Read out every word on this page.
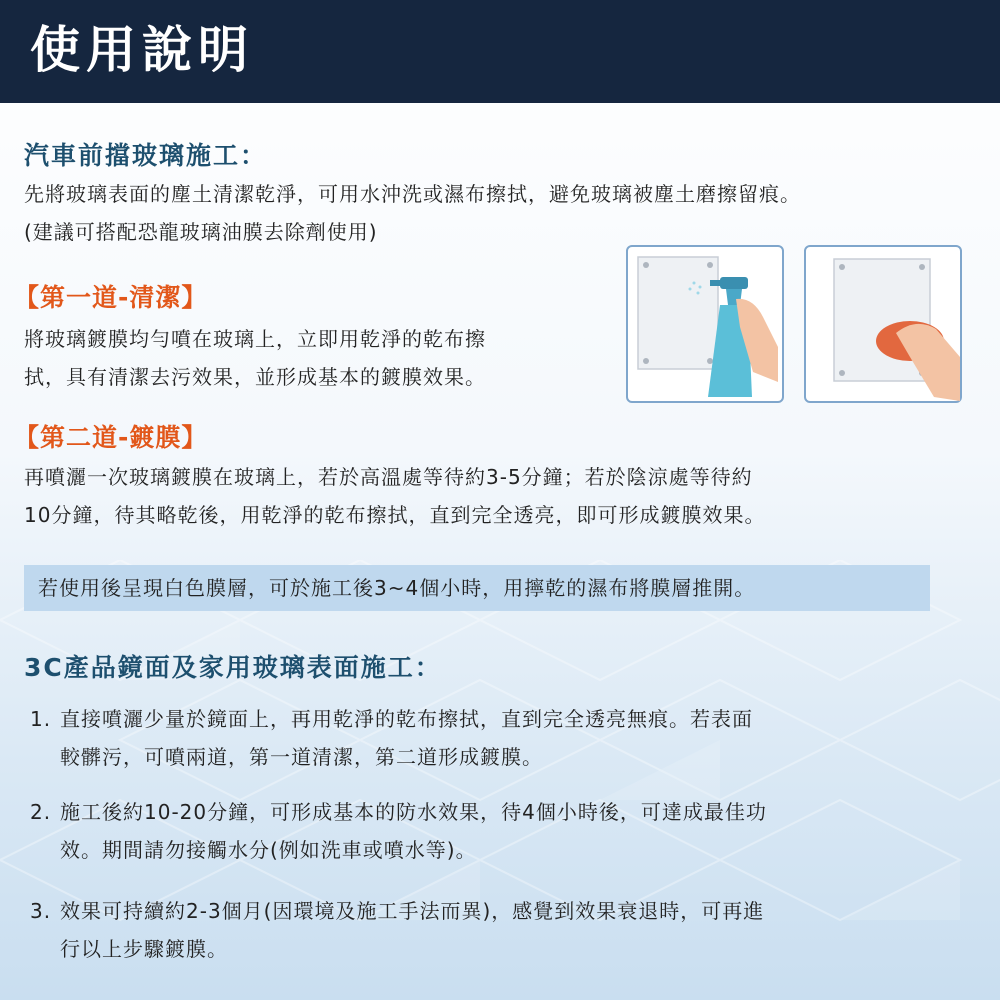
使用說明
汽車前擋玻璃施工：

先將玻璃表面的塵土清潔乾淨，可用水沖洗或濕布擦拭，避免玻璃被塵土磨擦留痕。

(建議可搭配恐龍玻璃油膜去除劑使用)

【第一道-清潔】

將玻璃鍍膜均勻噴在玻璃上，立即用乾淨的乾布擦

拭，具有清潔去污效果，並形成基本的鍍膜效果。

【第二道-鍍膜】

再噴灑一次玻璃鍍膜在玻璃上，若於高溫處等待約3-5分鐘；若於陰涼處等待約

10分鐘，待其略乾後，用乾淨的乾布擦拭，直到完全透亮，即可形成鍍膜效果。

若使用後呈現白色膜層，可於施工後3~4個小時，用擰乾的濕布將膜層推開。
3C產品鏡面及家用玻璃表面施工：
1. 直接噴灑少量於鏡面上，再用乾淨的乾布擦拭，直到完全透亮無痕。若表面
較髒污，可噴兩道，第一道清潔，第二道形成鍍膜。
2. 施工後約10-20分鐘，可形成基本的防水效果，待4個小時後，可達成最佳功
效。期間請勿接觸水分(例如洗車或噴水等)。
3. 效果可持續約2-3個月(因環境及施工手法而異)，感覺到效果衰退時，可再進
行以上步驟鍍膜。
